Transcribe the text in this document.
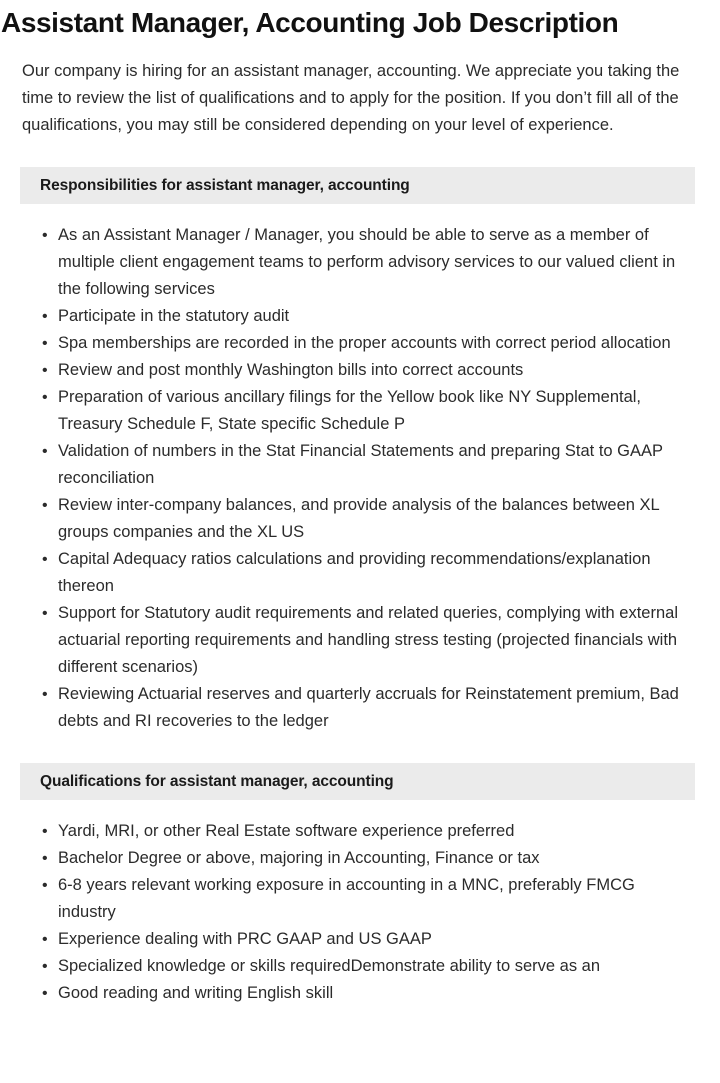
Assistant Manager, Accounting Job Description

Our company is hiring for an assistant manager, accounting. We appreciate you taking the time to review the list of qualifications and to apply for the position. If you don’t fill all of the qualifications, you may still be considered depending on your level of experience.

Responsibilities for assistant manager, accounting
• As an Assistant Manager / Manager, you should be able to serve as a member of multiple client engagement teams to perform advisory services to our valued client in the following services
• Participate in the statutory audit
• Spa memberships are recorded in the proper accounts with correct period allocation
• Review and post monthly Washington bills into correct accounts
• Preparation of various ancillary filings for the Yellow book like NY Supplemental, Treasury Schedule F, State specific Schedule P
• Validation of numbers in the Stat Financial Statements and preparing Stat to GAAP reconciliation
• Review inter-company balances, and provide analysis of the balances between XL groups companies and the XL US
• Capital Adequacy ratios calculations and providing recommendations/explanation thereon
• Support for Statutory audit requirements and related queries, complying with external actuarial reporting requirements and handling stress testing (projected financials with different scenarios)
• Reviewing Actuarial reserves and quarterly accruals for Reinstatement premium, Bad debts and RI recoveries to the ledger
Qualifications for assistant manager, accounting
• Yardi, MRI, or other Real Estate software experience preferred
• Bachelor Degree or above, majoring in Accounting, Finance or tax
• 6-8 years relevant working exposure in accounting in a MNC, preferably FMCG industry
• Experience dealing with PRC GAAP and US GAAP
• Specialized knowledge or skills requiredDemonstrate ability to serve as an
• Good reading and writing English skill
